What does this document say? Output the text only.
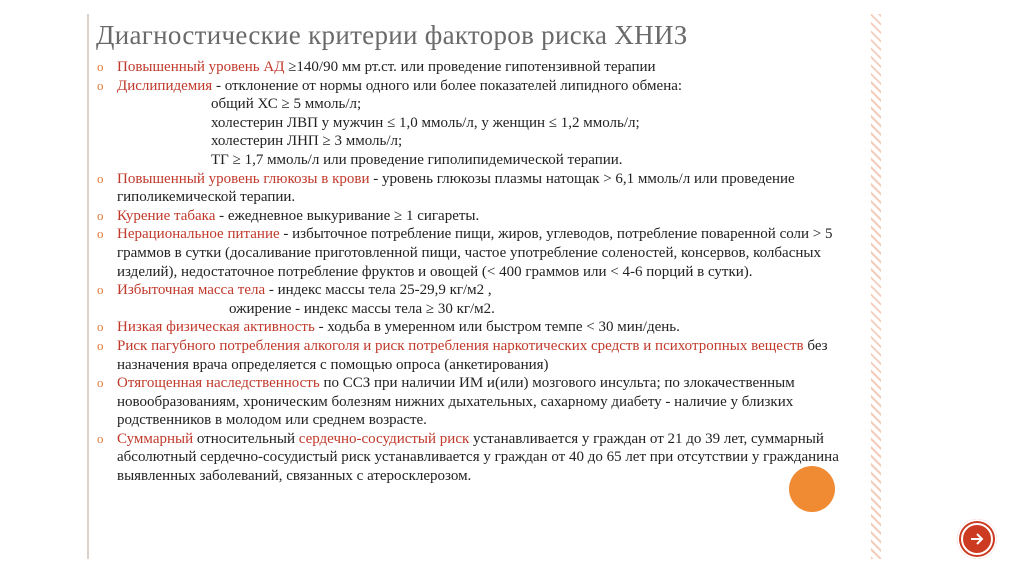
Диагностические критерии факторов риска ХНИЗ
o Повышенный уровень АД ≥140/90 мм рт.ст. или проведение гипотензивной терапии
o Дислипидемия - отклонение от нормы одного или более показателей липидного обмена:
общий ХС ≥ 5 ммоль/л;
холестерин ЛВП у мужчин ≤ 1,0 ммоль/л, у женщин ≤ 1,2 ммоль/л;
холестерин ЛНП ≥ 3 ммоль/л;
ТГ ≥ 1,7 ммоль/л или проведение гиполипидемической терапии.
o Повышенный уровень глюкозы в крови - уровень глюкозы плазмы натощак > 6,1 ммоль/л или проведение гиполикемической терапии.
o Курение табака - ежедневное выкуривание ≥ 1 сигареты.
o Нерациональное питание - избыточное потребление пищи, жиров, углеводов, потребление поваренной соли > 5 граммов в сутки (досаливание приготовленной пищи, частое употребление соленостей, консервов, колбасных изделий), недостаточное потребление фруктов и овощей (< 400 граммов или < 4-6 порций в сутки).
o Избыточная масса тела - индекс массы тела 25-29,9 кг/м2 ,
ожирение - индекс массы тела ≥ 30 кг/м2.
o Низкая физическая активность - ходьба в умеренном или быстром темпе < 30 мин/день.
o Риск пагубного потребления алкоголя и риск потребления наркотических средств и психотропных веществ без назначения врача определяется с помощью опроса (анкетирования)
o Отягощенная наследственность по ССЗ при наличии ИМ и(или) мозгового инсульта; по злокачественным новообразованиям, хроническим болезням нижних дыхательных, сахарному диабету - наличие у близких родственников в молодом или среднем возрасте.
o Суммарный относительный сердечно-сосудистый риск устанавливается у граждан от 21 до 39 лет, суммарный абсолютный сердечно-сосудистый риск устанавливается у граждан от 40 до 65 лет при отсутствии у гражданина выявленных заболеваний, связанных с атеросклерозом.
